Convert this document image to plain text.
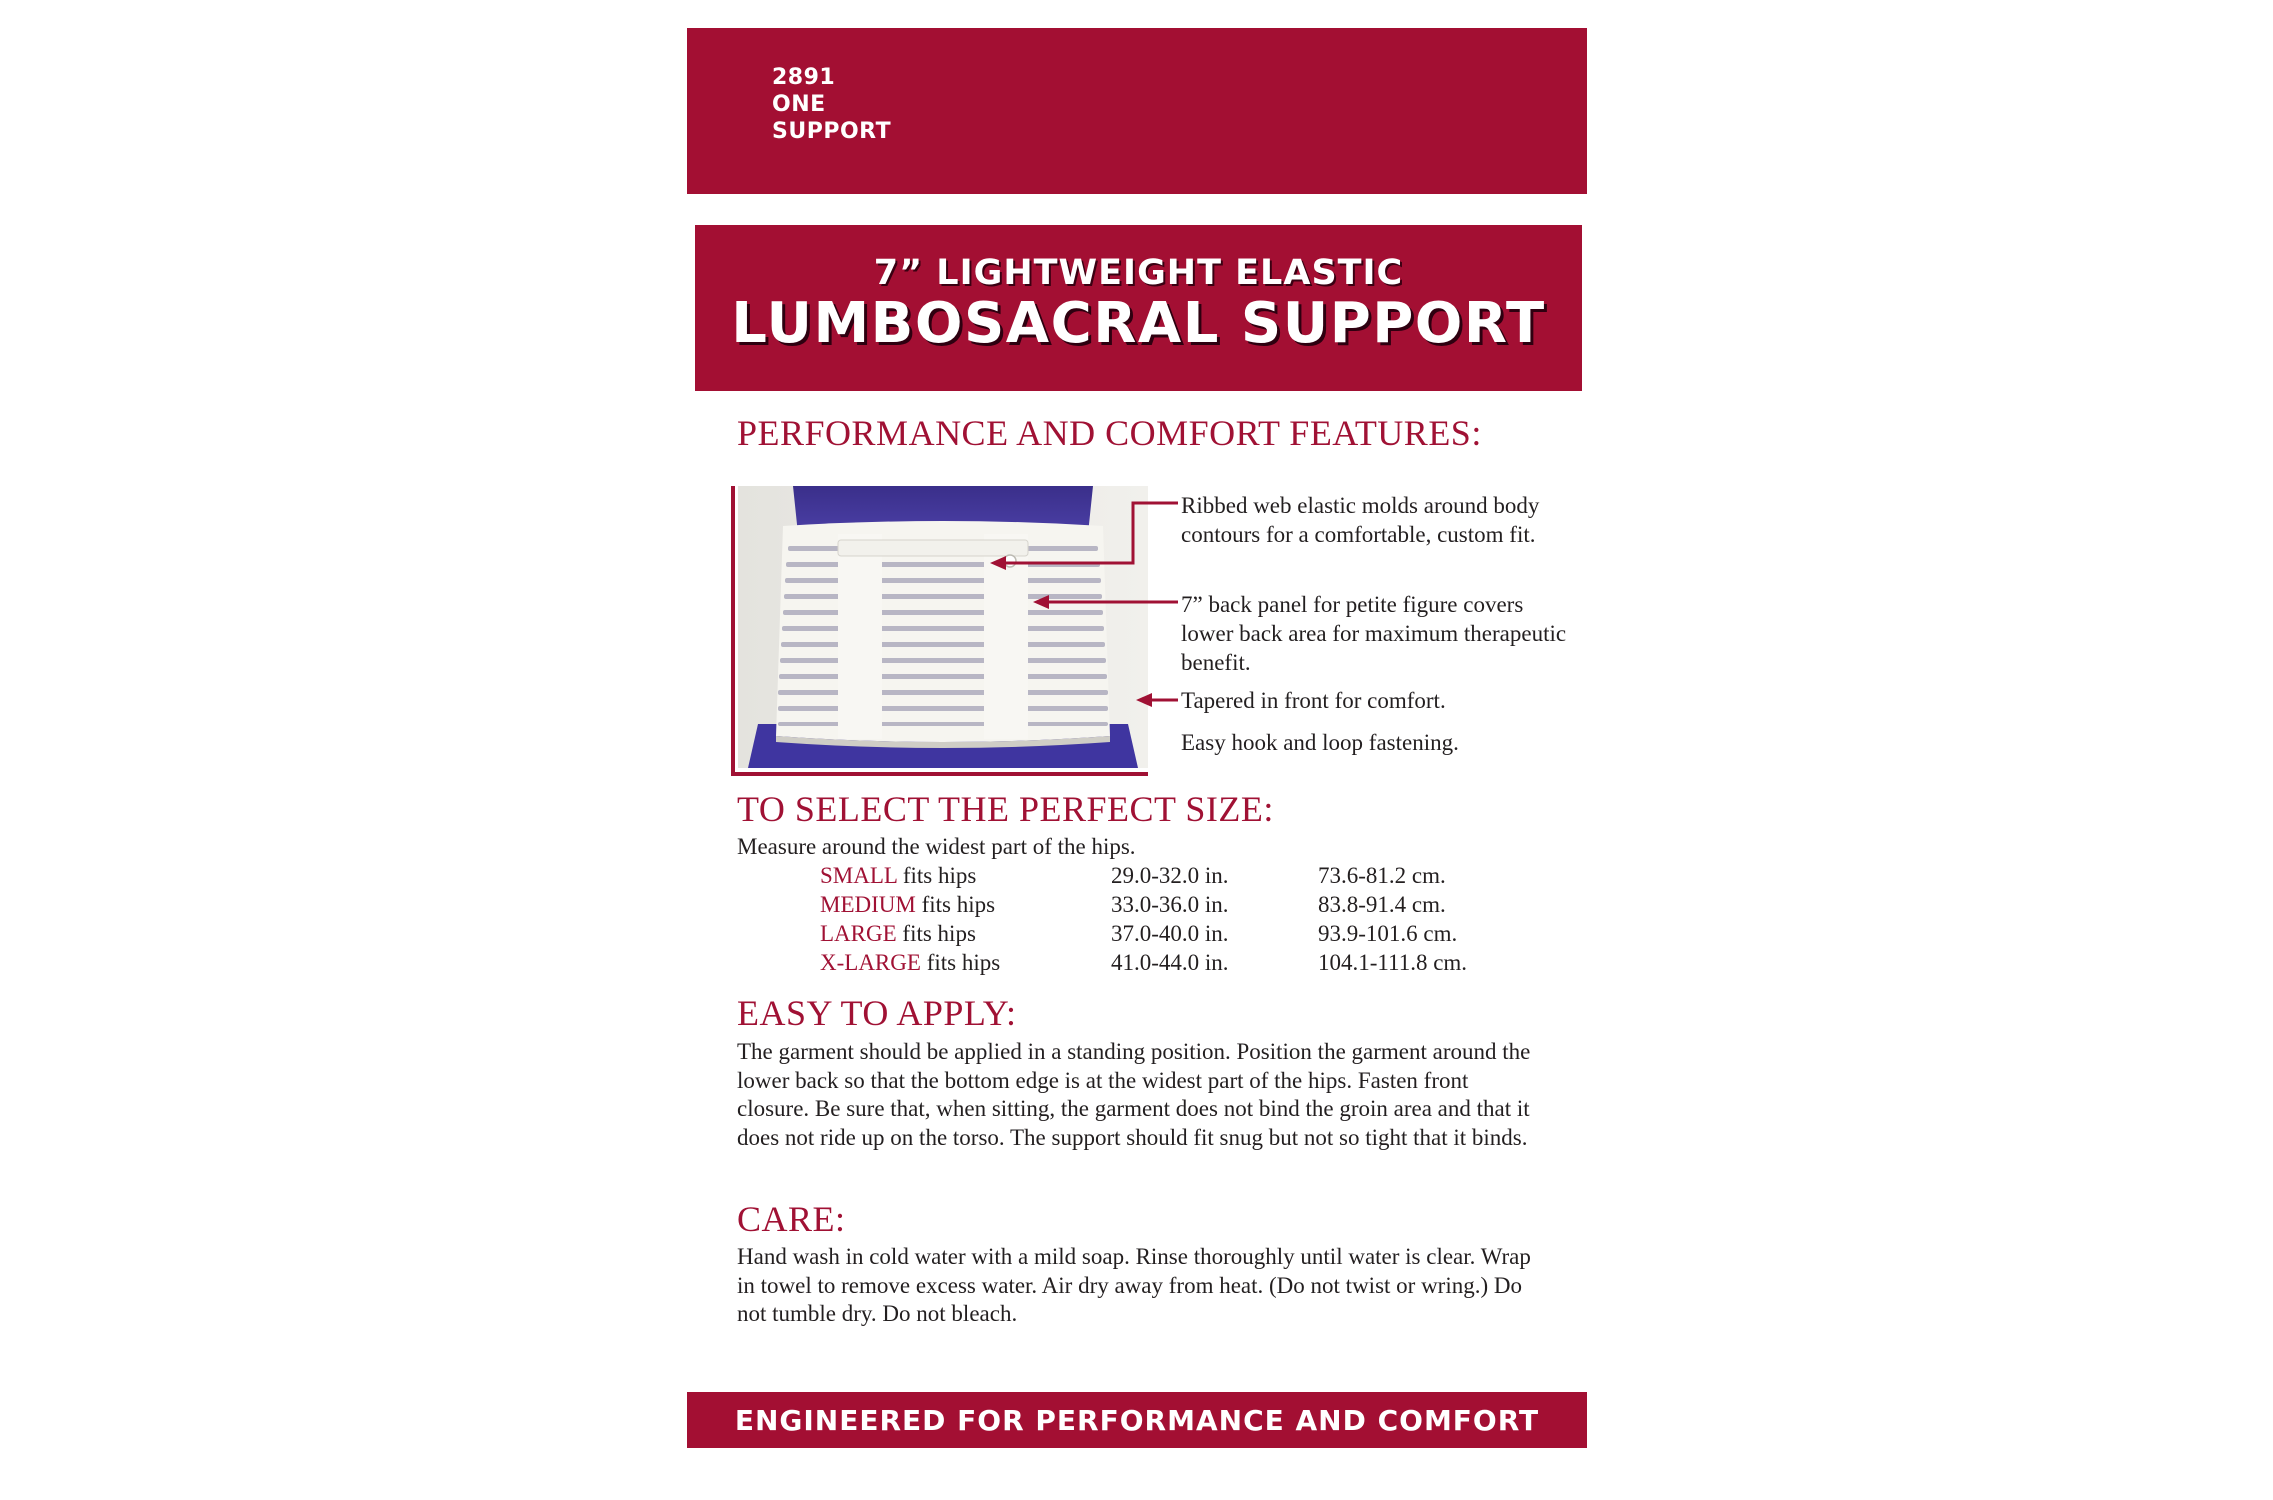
2891
ONE
SUPPORT
7” LIGHTWEIGHT ELASTIC
LUMBOSACRAL SUPPORT
PERFORMANCE AND COMFORT FEATURES:
Ribbed web elastic molds around body contours for a comfortable, custom fit.
7” back panel for petite figure covers lower back area for maximum therapeutic benefit.
Tapered in front for comfort.
Easy hook and loop fastening.
TO SELECT THE PERFECT SIZE:
Measure around the widest part of the hips.
SMALL fits hips	29.0-32.0 in.	73.6-81.2 cm.
MEDIUM fits hips	33.0-36.0 in.	83.8-91.4 cm.
LARGE fits hips	37.0-40.0 in.	93.9-101.6 cm.
X-LARGE fits hips	41.0-44.0 in.	104.1-111.8 cm.
EASY TO APPLY:
The garment should be applied in a standing position. Position the garment around the lower back so that the bottom edge is at the widest part of the hips. Fasten front closure. Be sure that, when sitting, the garment does not bind the groin area and that it does not ride up on the torso. The support should fit snug but not so tight that it binds.
CARE:
Hand wash in cold water with a mild soap. Rinse thoroughly until water is clear. Wrap in towel to remove excess water. Air dry away from heat. (Do not twist or wring.) Do not tumble dry. Do not bleach.
ENGINEERED FOR PERFORMANCE AND COMFORT
